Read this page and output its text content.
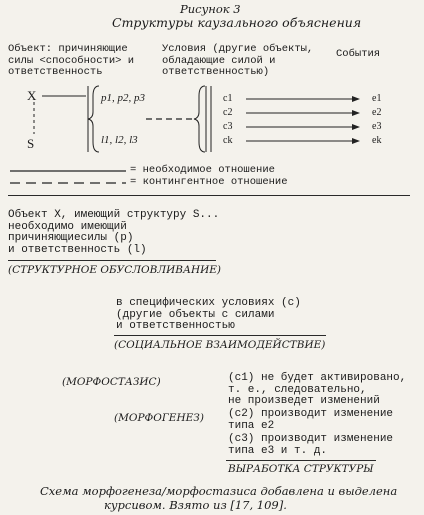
Рисунок 3
Структуры каузального объяснения
Объект: причиняющие
силы <способности> и
ответственность
Условия (другие объекты,
обладающие силой и
ответственностью)
События
X
S
p1, p2, p3
l1, l2, l3
c1
c2
c3
ck
e1
e2
e3
ek
= необходимое отношение
= контингентное отношение
Объект X, имеющий структуру S...
необходимо имеющий
причиняющиесилы (p)
и ответственность (l)
(СТРУКТУРНОЕ ОБУСЛОВЛИВАНИЕ)
в специфических условиях (с)
(другие объекты с силами
и ответственностью
(СОЦИАЛЬНОЕ ВЗАИМОДЕЙСТВИЕ)
(МОРФОСТАЗИС)	(c1) не будет активировано,
т. е., следовательно,
не произведет изменений
(МОРФОГЕНЕЗ) (c2) производит изменение
типа e2
(c3) производит изменение
типа e3 и т. д.
ВЫРАБОТКА СТРУКТУРЫ
Схема морфогенеза/морфостазиса добавлена и выделена
курсивом. Взято из [17, 109].
